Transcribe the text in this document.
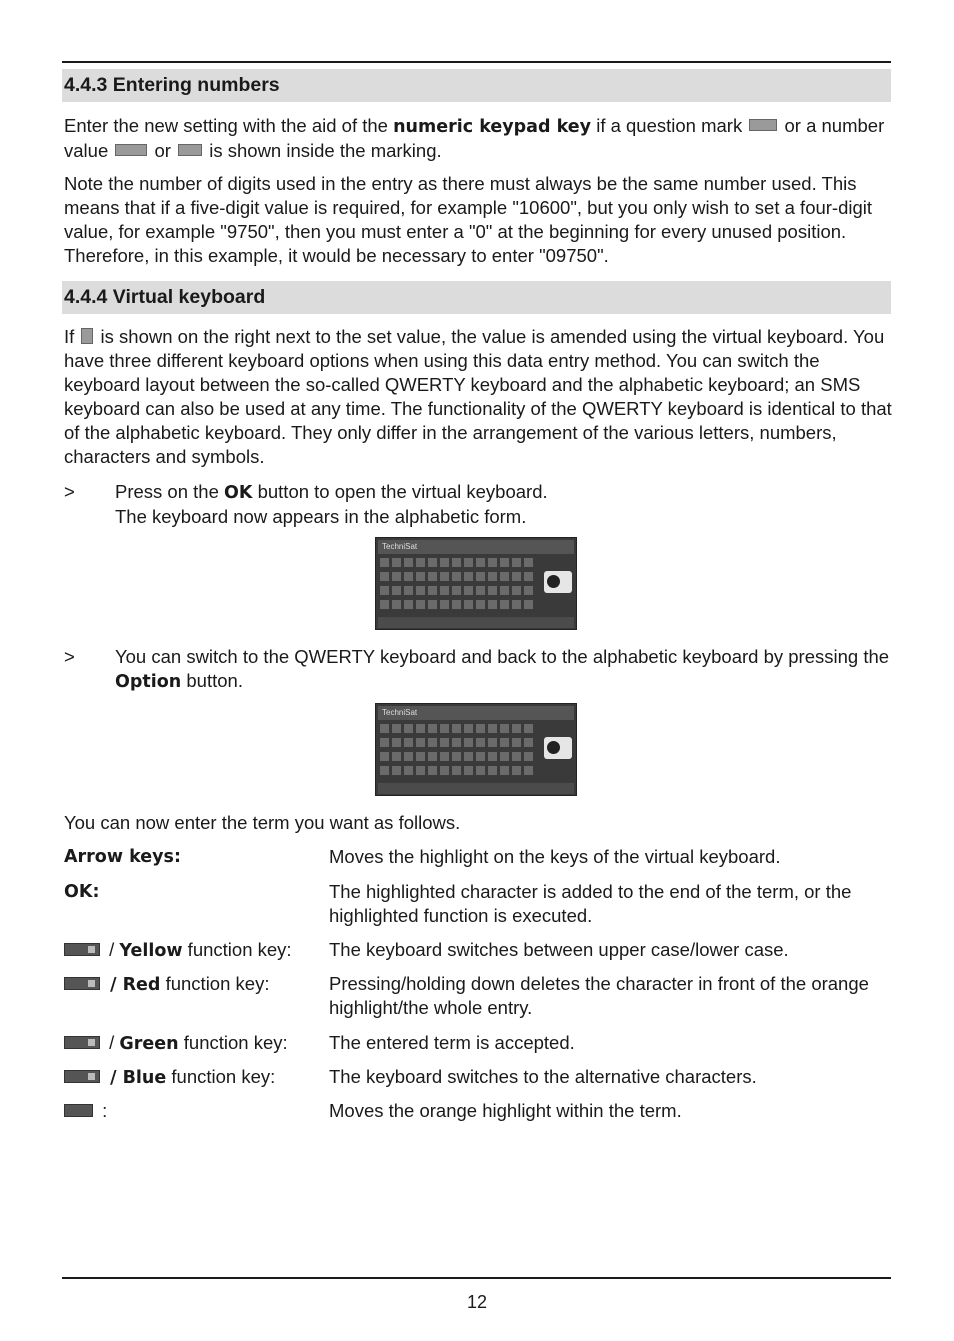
4.4.3 Entering numbers

Enter the new setting with the aid of the numeric keypad key if a question mark  or a number value  or  is shown inside the marking.

Note the number of digits used in the entry as there must always be the same number used. This means that if a five-digit value is required, for example "10600", but you only wish to set a four-digit value, for example "9750", then you must enter a "0" at the beginning for every unused position. Therefore, in this example, it would be necessary to enter "09750".

4.4.4 Virtual keyboard

If  is shown on the right next to the set value, the value is amended using the virtual keyboard. You have three different keyboard options when using this data entry method. You can switch the keyboard layout between the so-called QWERTY keyboard and the alphabetic keyboard; an SMS keyboard can also be used at any time. The functionality of the QWERTY keyboard is identical to that of the alphabetic keyboard. They only differ in the arrangement of the various letters, numbers, characters and symbols.

> Press on the OK button to open the virtual keyboard.
The keyboard now appears in the alphabetic form.
TechniSat
> You can switch to the QWERTY keyboard and back to the alphabetic keyboard by pressing the Option button.
TechniSat

You can now enter the term you want as follows.

Arrow keys:	Moves the highlight on the keys of the virtual keyboard.
OK:	The highlighted character is added to the end of the term, or the highlighted function is executed.
/ Yellow function key: The keyboard switches between upper case/lower case.
/ Red function key:	Pressing/holding down deletes the character in front of the orange highlight/the whole entry.
/ Green function key: The entered term is accepted.
/ Blue function key:	The keyboard switches to the alternative characters.
:	Moves the orange highlight within the term.
12
